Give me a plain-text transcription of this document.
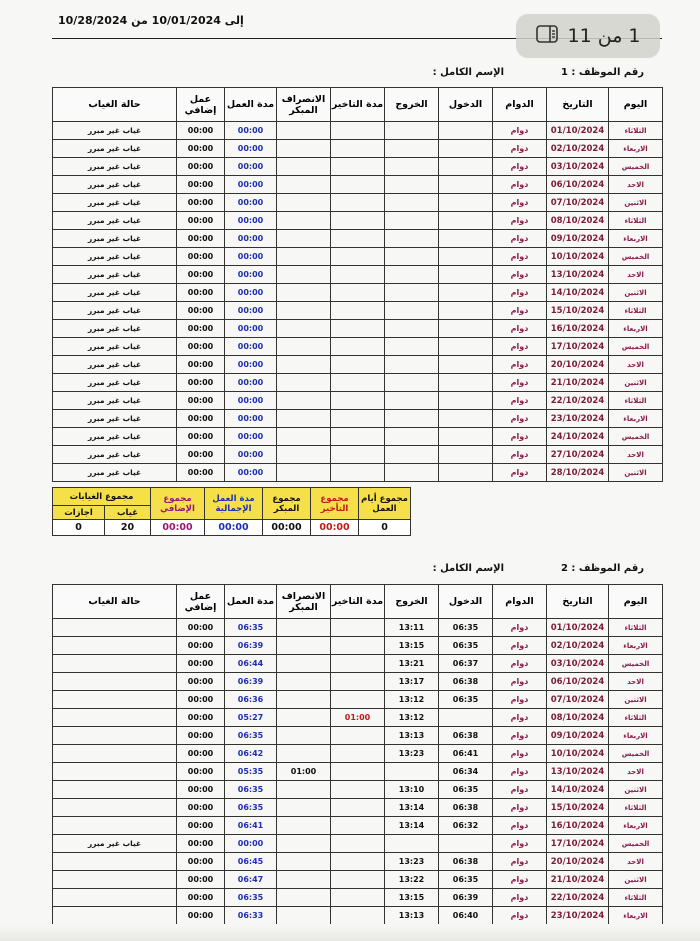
10/28/2024	إلى 10/01/2024 من
1 من 11
رقم الموظف : 1
الإسم الكامل :
اليوم	التاريخ	الدوام	الدخول	الخروج	مدة التاخير	الانصراف المبكر	مدة العمل	عمل إضافي	حالة الغياب
الثلاثاء	01/10/2024	دوام					00:00	00:00	غياب غير مبرر
الاربعاء	02/10/2024	دوام					00:00	00:00	غياب غير مبرر
الخميس	03/10/2024	دوام					00:00	00:00	غياب غير مبرر
الاحد	06/10/2024	دوام					00:00	00:00	غياب غير مبرر
الاثنين	07/10/2024	دوام					00:00	00:00	غياب غير مبرر
الثلاثاء	08/10/2024	دوام					00:00	00:00	غياب غير مبرر
الاربعاء	09/10/2024	دوام					00:00	00:00	غياب غير مبرر
الخميس	10/10/2024	دوام					00:00	00:00	غياب غير مبرر
الاحد	13/10/2024	دوام					00:00	00:00	غياب غير مبرر
الاثنين	14/10/2024	دوام					00:00	00:00	غياب غير مبرر
الثلاثاء	15/10/2024	دوام					00:00	00:00	غياب غير مبرر
الاربعاء	16/10/2024	دوام					00:00	00:00	غياب غير مبرر
الخميس	17/10/2024	دوام					00:00	00:00	غياب غير مبرر
الاحد	20/10/2024	دوام					00:00	00:00	غياب غير مبرر
الاثنين	21/10/2024	دوام					00:00	00:00	غياب غير مبرر
الثلاثاء	22/10/2024	دوام					00:00	00:00	غياب غير مبرر
الاربعاء	23/10/2024	دوام					00:00	00:00	غياب غير مبرر
الخميس	24/10/2024	دوام					00:00	00:00	غياب غير مبرر
الاحد	27/10/2024	دوام					00:00	00:00	غياب غير مبرر
الاثنين	28/10/2024	دوام					00:00	00:00	غياب غير مبرر
مجموع أيام العمل	مجموع التأخير	مجموع المبكر	مدة العمل الإجمالية	مجموع الإضافي	مجموع الغيابات	
					غياب	اجازات
0	00:00	00:00	00:00	00:00	20	0
رقم الموظف : 2
الإسم الكامل :
اليوم	التاريخ	الدوام	الدخول	الخروج	مدة التاخير	الانصراف المبكر	مدة العمل	عمل إضافي	حالة الغياب
الثلاثاء	01/10/2024	دوام	06:35	13:11			06:35	00:00	
الاربعاء	02/10/2024	دوام	06:35	13:15			06:39	00:00	
الخميس	03/10/2024	دوام	06:37	13:21			06:44	00:00	
الاحد	06/10/2024	دوام	06:38	13:17			06:39	00:00	
الاثنين	07/10/2024	دوام	06:35	13:12			06:36	00:00	
الثلاثاء	08/10/2024	دوام		13:12	01:00		05:27	00:00	
الاربعاء	09/10/2024	دوام	06:38	13:13			06:35	00:00	
الخميس	10/10/2024	دوام	06:41	13:23			06:42	00:00	
الاحد	13/10/2024	دوام	06:34			01:00	05:35	00:00	
الاثنين	14/10/2024	دوام	06:35	13:10			06:35	00:00	
الثلاثاء	15/10/2024	دوام	06:38	13:14			06:35	00:00	
الاربعاء	16/10/2024	دوام	06:32	13:14			06:41	00:00	
الخميس	17/10/2024	دوام					00:00	00:00	غياب غير مبرر
الاحد	20/10/2024	دوام	06:38	13:23			06:45	00:00	
الاثنين	21/10/2024	دوام	06:35	13:22			06:47	00:00	
الثلاثاء	22/10/2024	دوام	06:39	13:15			06:35	00:00	
الاربعاء	23/10/2024	دوام	06:40	13:13			06:33	00:00	
